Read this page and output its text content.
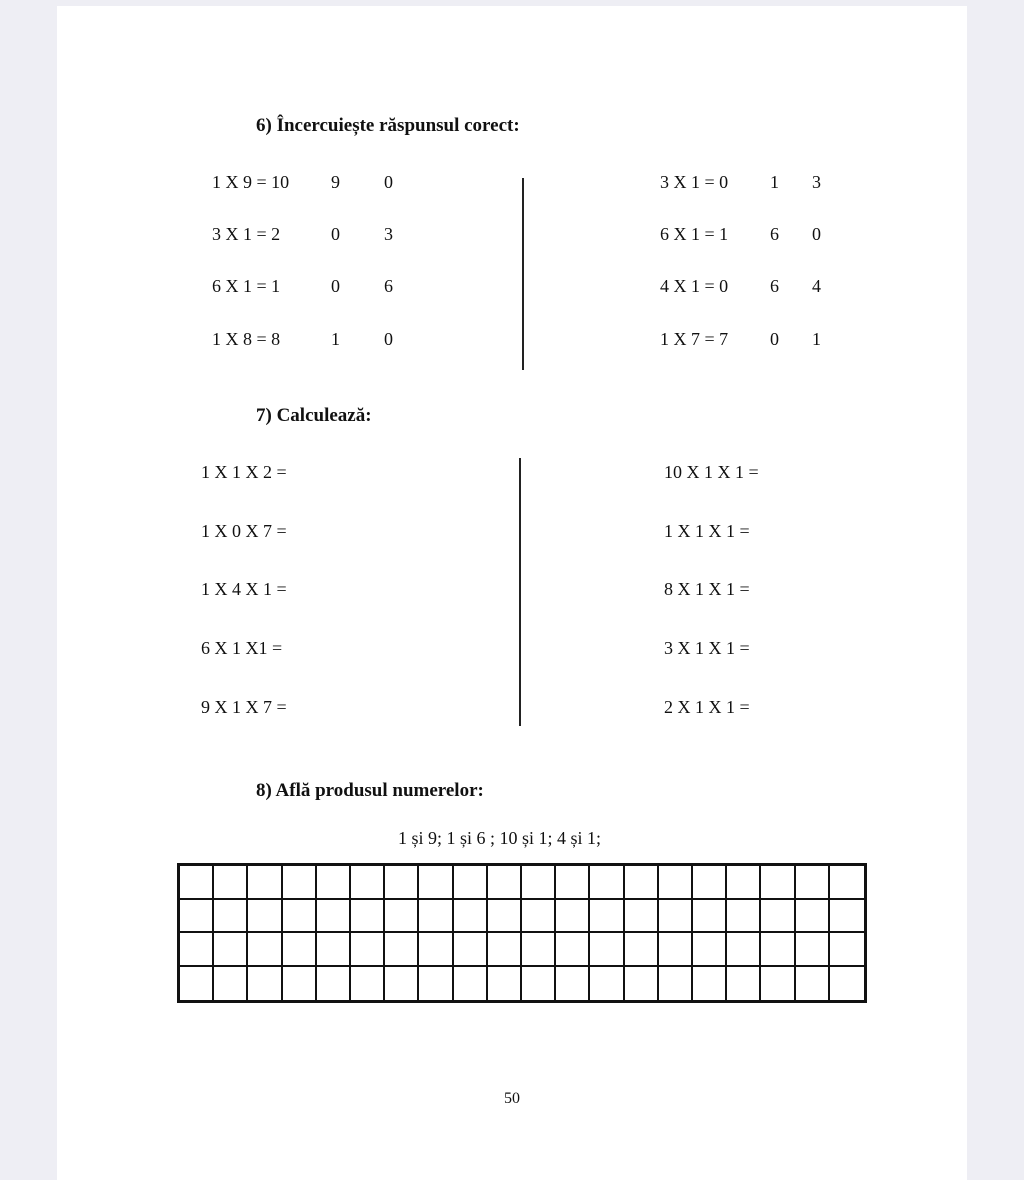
6) Încercuiește răspunsul corect:
1 X 9 = 10 9 0
3 X 1 = 2	0 3
6 X 1 = 1	0 6
1 X 8 = 8	1 0
3 X 1 = 0 1 3
6 X 1 = 1 6 0
4 X 1 = 0 6 4
1 X 7 = 7 0 1
7) Calculează:
1 X 1 X 2 =
1 X 0 X 7 =
1 X 4 X 1 =
6 X 1 X1 =
9 X 1 X 7 =
10 X 1 X 1 =
1 X 1 X 1 =
8 X 1 X 1 =
3 X 1 X 1 =
2 X 1 X 1 =
8) Află produsul numerelor:
1 și 9; 1 și 6 ; 10 și 1; 4 și 1;
50
